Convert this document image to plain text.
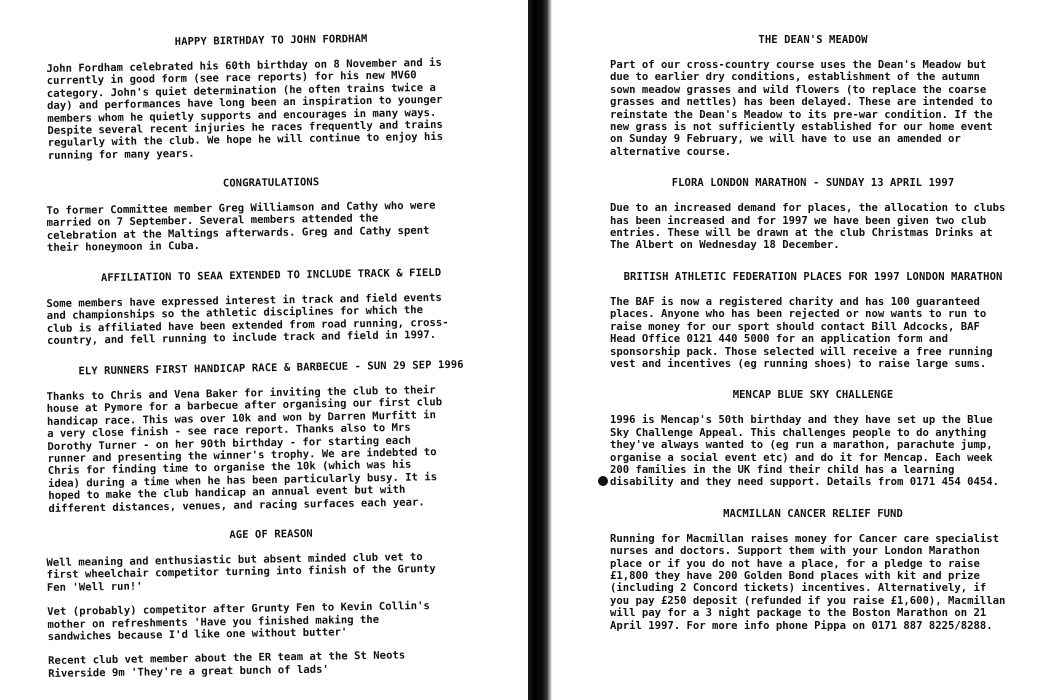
HAPPY BIRTHDAY TO JOHN FORDHAM

John Fordham celebrated his 60th birthday on 8 November and is
currently in good form (see race reports) for his new MV60
category. John's quiet determination (he often trains twice a
day) and performances have long been an inspiration to younger
members whom he quietly supports and encourages in many ways.
Despite several recent injuries he races frequently and trains
regularly with the club. We hope he will continue to enjoy his
running for many years.

CONGRATULATIONS

To former Committee member Greg Williamson and Cathy who were
married on 7 September. Several members attended the
celebration at the Maltings afterwards. Greg and Cathy spent
their honeymoon in Cuba.

AFFILIATION TO SEAA EXTENDED TO INCLUDE TRACK & FIELD

Some members have expressed interest in track and field events
and championships so the athletic disciplines for which the
club is affiliated have been extended from road running, cross-
country, and fell running to include track and field in 1997.

ELY RUNNERS FIRST HANDICAP RACE & BARBECUE - SUN 29 SEP 1996

Thanks to Chris and Vena Baker for inviting the club to their
house at Pymore for a barbecue after organising our first club
handicap race. This was over 10k and won by Darren Murfitt in
a very close finish - see race report. Thanks also to Mrs
Dorothy Turner - on her 90th birthday - for starting each
runner and presenting the winner's trophy. We are indebted to
Chris for finding time to organise the 10k (which was his
idea) during a time when he has been particularly busy. It is
hoped to make the club handicap an annual event but with
different distances, venues, and racing surfaces each year.

AGE OF REASON

Well meaning and enthusiastic but absent minded club vet to
first wheelchair competitor turning into finish of the Grunty
Fen 'Well run!'

Vet (probably) competitor after Grunty Fen to Kevin Collin's
mother on refreshments 'Have you finished making the
sandwiches because I'd like one without butter'

Recent club vet member about the ER team at the St Neots
Riverside 9m 'They're a great bunch of lads'

THE DEAN'S MEADOW

Part of our cross-country course uses the Dean's Meadow but
due to earlier dry conditions, establishment of the autumn
sown meadow grasses and wild flowers (to replace the coarse
grasses and nettles) has been delayed. These are intended to
reinstate the Dean's Meadow to its pre-war condition. If the
new grass is not sufficiently established for our home event
on Sunday 9 February, we will have to use an amended or
alternative course.

FLORA LONDON MARATHON - SUNDAY 13 APRIL 1997

Due to an increased demand for places, the allocation to clubs
has been increased and for 1997 we have been given two club
entries. These will be drawn at the club Christmas Drinks at
The Albert on Wednesday 18 December.

BRITISH ATHLETIC FEDERATION PLACES FOR 1997 LONDON MARATHON

The BAF is now a registered charity and has 100 guaranteed
places. Anyone who has been rejected or now wants to run to
raise money for our sport should contact Bill Adcocks, BAF
Head Office 0121 440 5000 for an application form and
sponsorship pack. Those selected will receive a free running
vest and incentives (eg running shoes) to raise large sums.

MENCAP BLUE SKY CHALLENGE

1996 is Mencap's 50th birthday and they have set up the Blue
Sky Challenge Appeal. This challenges people to do anything
they've always wanted to (eg run a marathon, parachute jump,
organise a social event etc) and do it for Mencap. Each week
200 families in the UK find their child has a learning
disability and they need support. Details from 0171 454 0454.

MACMILLAN CANCER RELIEF FUND

Running for Macmillan raises money for Cancer care specialist
nurses and doctors. Support them with your London Marathon
place or if you do not have a place, for a pledge to raise
£1,800 they have 200 Golden Bond places with kit and prize
(including 2 Concord tickets) incentives. Alternatively, if
you pay £250 deposit (refunded if you raise £1,600), Macmillan
will pay for a 3 night package to the Boston Marathon on 21
April 1997. For more info phone Pippa on 0171 887 8225/8288.
